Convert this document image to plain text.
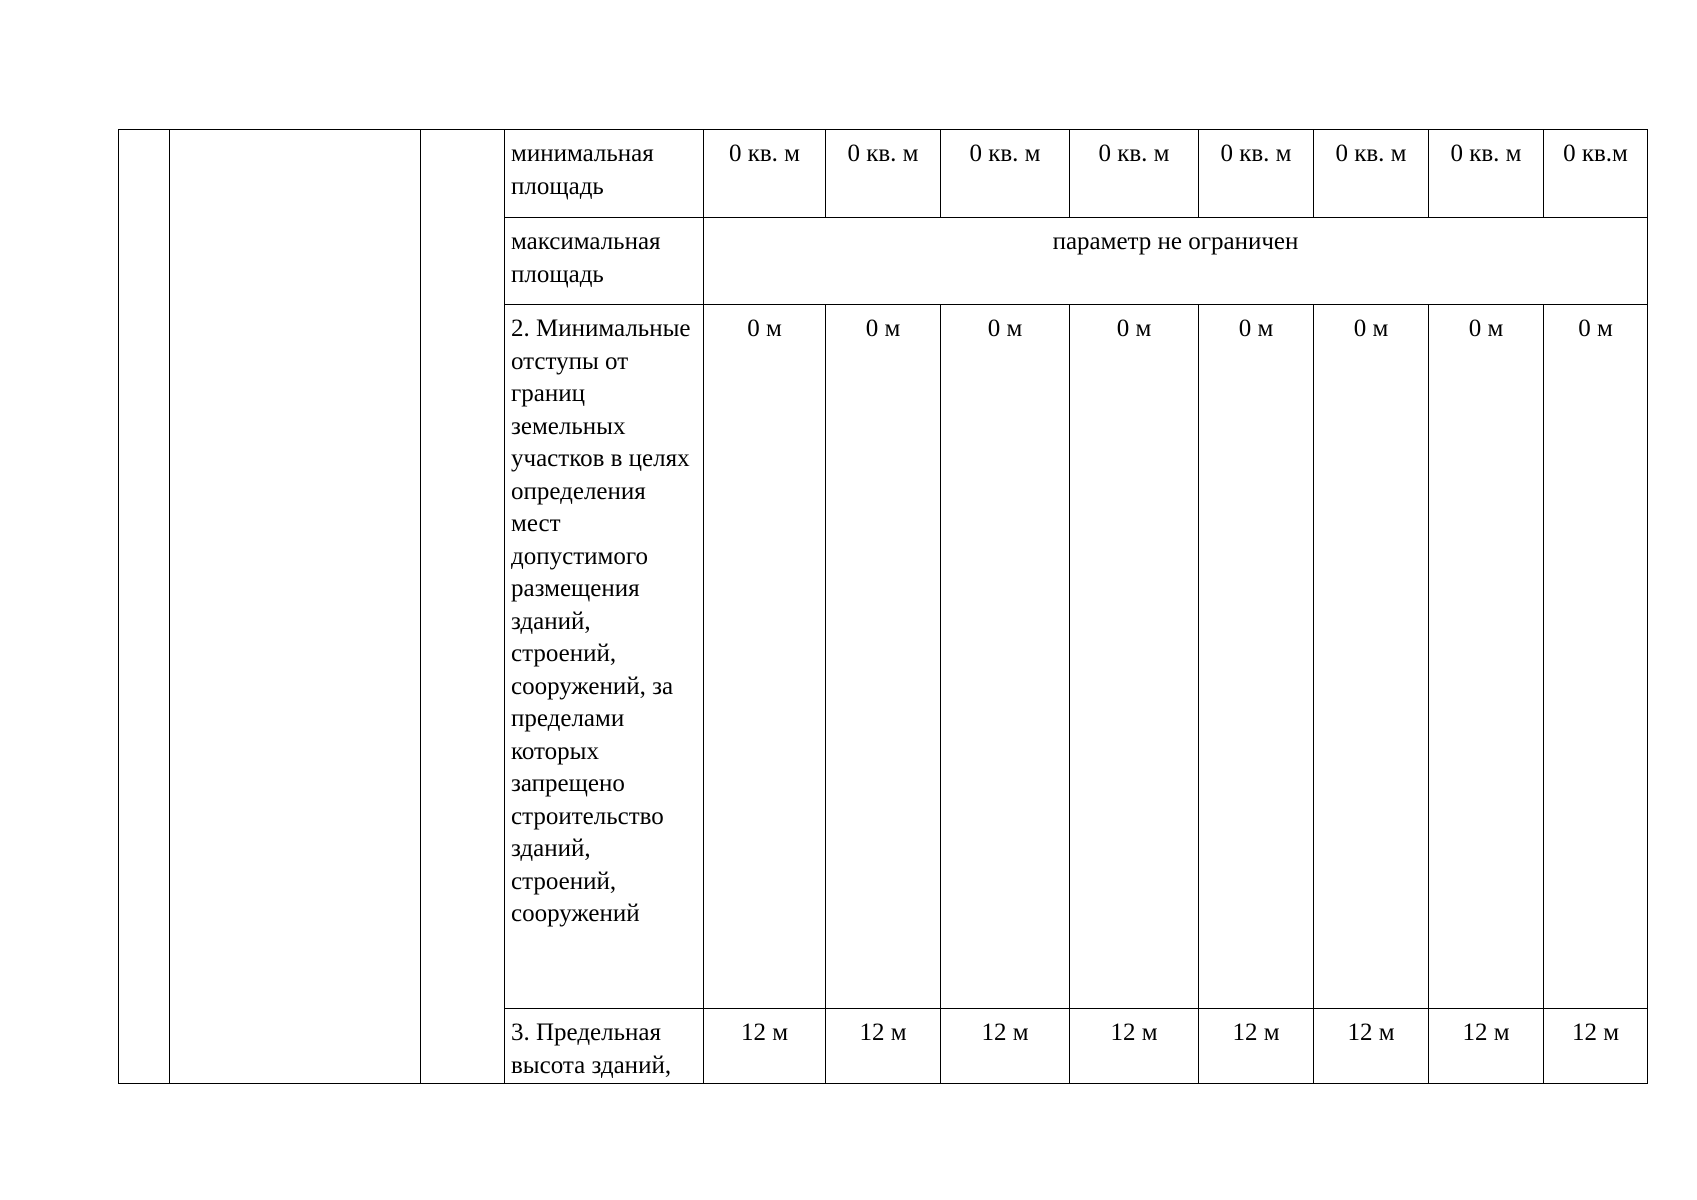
			минимальная площадь	0 кв. м	0 кв. м	0 кв. м	0 кв. м	0 кв. м	0 кв. м	0 кв. м	0 кв.м
			максимальная площадь	параметр не ограничен							
			2. Минимальные отступы от границ земельных участков в целях определения мест допустимого размещения зданий, строений, сооружений, за пределами которых запрещено строительство зданий, строений, сооружений	0 м	0 м	0 м	0 м	0 м	0 м	0 м	0 м

			3. Предельная высота зданий,	12 м	12 м	12 м	12 м	12 м	12 м	12 м	12 м
